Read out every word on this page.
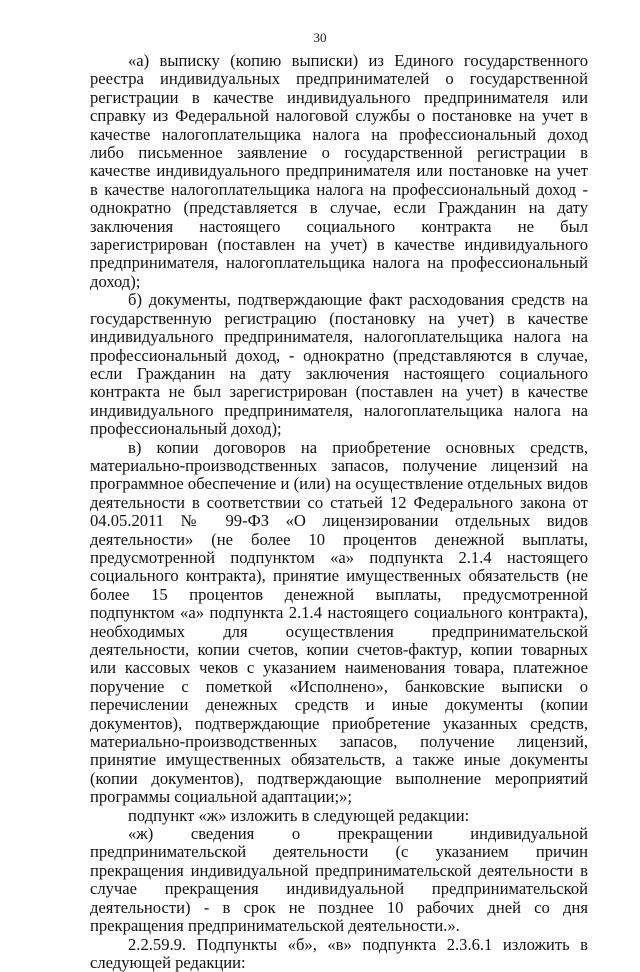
30

«а) выписку (копию выписки) из Единого государственного реестра индивидуальных предпринимателей о государственной регистрации в качестве индивидуального предпринимателя или справку из Федеральной налоговой службы о постановке на учет в качестве налогоплательщика налога на профессиональный доход либо письменное заявление о государственной регистрации в качестве индивидуального предпринимателя или постановке на учет в качестве налогоплательщика налога на профессиональный доход - однократно (представляется в случае, если Гражданин на дату заключения настоящего социального контракта не был зарегистрирован (поставлен на учет) в качестве индивидуального предпринимателя, налогоплательщика налога на профессиональный доход);

б) документы, подтверждающие факт расходования средств на государственную регистрацию (постановку на учет) в качестве индивидуального предпринимателя, налогоплательщика налога на профессиональный доход, - однократно (представляются в случае, если Гражданин на дату заключения настоящего социального контракта не был зарегистрирован (поставлен на учет) в качестве индивидуального предпринимателя, налогоплательщика налога на профессиональный доход);

в) копии договоров на приобретение основных средств, материально-производственных запасов, получение лицензий на программное обеспечение и (или) на осуществление отдельных видов деятельности в соответствии со статьей 12 Федерального закона от 04.05.2011 № 99-ФЗ «О лицензировании отдельных видов деятельности» (не более 10 процентов денежной выплаты, предусмотренной подпунктом «а» подпункта 2.1.4 настоящего социального контракта), принятие имущественных обязательств (не более 15 процентов денежной выплаты, предусмотренной подпунктом «а» подпункта 2.1.4 настоящего социального контракта), необходимых для осуществления предпринимательской деятельности, копии счетов, копии счетов-фактур, копии товарных или кассовых чеков с указанием наименования товара, платежное поручение с пометкой «Исполнено», банковские выписки о перечислении денежных средств и иные документы (копии документов), подтверждающие приобретение указанных средств, материально-производственных запасов, получение лицензий, принятие имущественных обязательств, а также иные документы (копии документов), подтверждающие выполнение мероприятий программы социальной адаптации;»;

подпункт «ж» изложить в следующей редакции:

«ж) сведения о прекращении индивидуальной предпринимательской деятельности (с указанием причин прекращения индивидуальной предпринимательской деятельности в случае прекращения индивидуальной предпринимательской деятельности) - в срок не позднее 10 рабочих дней со дня прекращения предпринимательской деятельности.».

2.2.59.9. Подпункты «б», «в» подпункта 2.3.6.1 изложить в следующей редакции:
